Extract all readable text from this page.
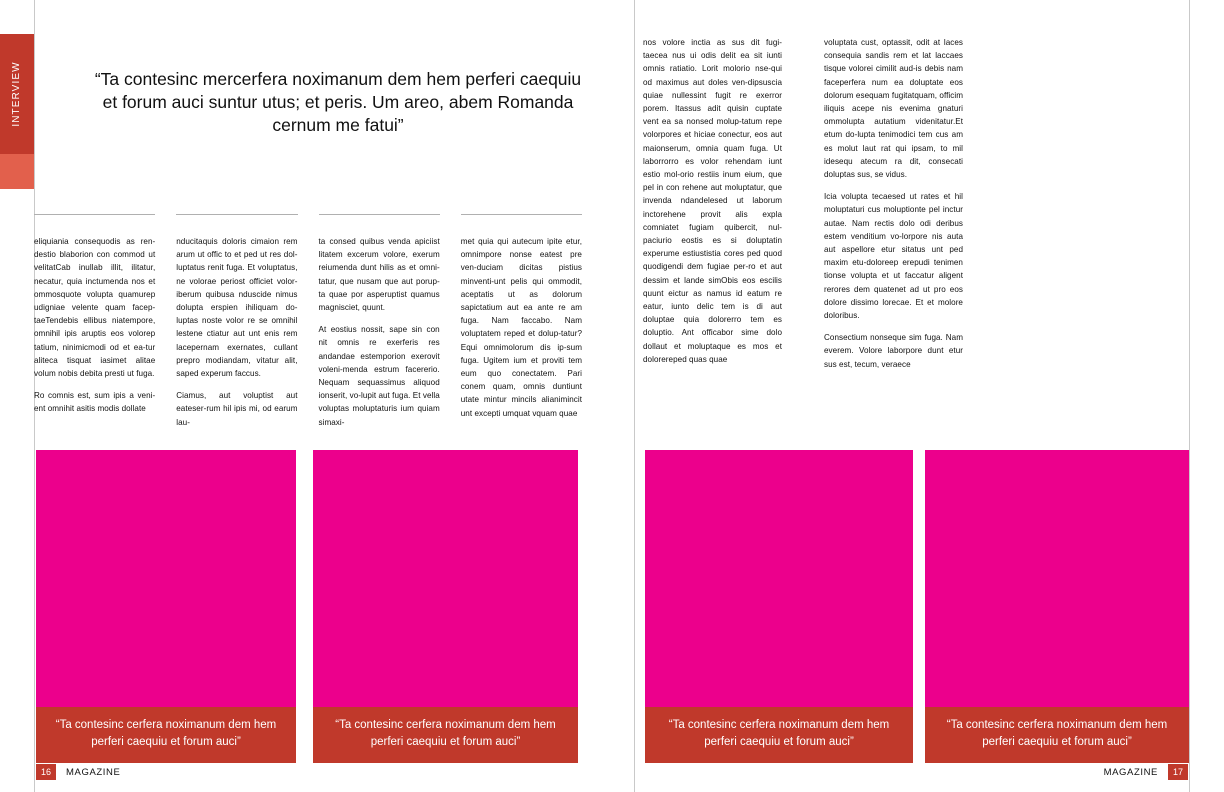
INTERVIEW	“Ta contesinc mercerfera noximanum dem hem perferi caequiu et forum auci suntur utus; et peris. Um areo, abem Romanda cernum me fatui”

eliquiania consequodis as ren-destio blaborion con commod ut velitatCab inullab illit, ilitatur, necatur, quia inctumenda nos et ommosquote volupta quamurep udigniae velente quam facep-taeTendebis ellibus niatempore, omnihil ipis aruptis eos volorep tatium, ninimicmodi od et ea-tur aliteca tisquat iasimet alitae volum nobis debita presti ut fuga.

Ro comnis est, sum ipis a veni-ent omnihit asitis modis dollate

nducitaquis doloris cimaion rem arum ut offic to et ped ut res dol-luptatus renit fuga. Et voluptatus, ne volorae periost officiet volor-iberum quibusa nduscide nimus dolupta erspien ihiliquam do-luptas noste volor re se omnihil lestene ctiatur aut unt enis rem lacepernam exernates, cullant prepro modiandam, vitatur alit, saped experum faccus.

Ciamus, aut voluptist aut eateser-rum hil ipis mi, od earum lau-

ta consed quibus venda apiciist litatem excerum volore, exerum reiumenda dunt hilis as et omni-tatur, que nusam que aut porup-ta quae por asperuptist quamus magnisciet, quunt.

At eostius nossit, sape sin con nit omnis re exerferis res andandae estemporion exerovit voleni-menda estrum facererio. Nequam sequassimus aliquod ionserit, vo-lupit aut fuga. Et vella voluptas moluptaturis ium quiam simaxi-

met quia qui autecum ipite etur, omnimpore nonse eatest pre ven-duciam dicitas pistius minventi-unt pelis qui ommodit, aceptatis ut as dolorum sapictatium aut ea ante re am fuga. Nam faccabo. Nam voluptatem reped et dolup-tatur?Equi omnimolorum dis ip-sum fuga. Ugitem ium et proviti tem eum quo conectatem. Pari conem quam, omnis duntiunt utate mintur mincils alianimincit unt excepti umquat vquam quae

nos volore inctia as sus dit fugi-taecea nus ui odis delit ea sit iunti omnis ratiatio. Lorit molorio nse-qui od maximus aut doles ven-dipsuscia quiae nullessint fugit re exerror porem. Itassus adit quisin cuptate vent ea sa nonsed molup-tatum repe volorpores et hiciae conectur, eos aut maionserum, omnia quam fuga. Ut laborrorro es volor rehendam iunt estio mol-orio restiis inum eium, que pel in con rehene aut moluptatur, que invenda ndandelesed ut laborum inctorehene provit alis expla comniatet fugiam quibercit, nul-paciurio eostis es si doluptatin experume estiustistia cores ped quod quodigendi dem fugiae per-ro et aut dessim et lande simObis eos escilis quunt eictur as namus id eatum re eatur, iunto delic tem is di aut doluptae quia dolorerro tem es doluptio. Ant officabor sime dolo dollaut et moluptaque es mos et dolorereped quas quae

voluptata cust, optassit, odit at laces consequia sandis rem et lat laccaes tisque volorei cimilit aud-is debis nam faceperfera num ea doluptate eos dolorum esequam fugitatquam, officim iliquis acepe nis evenima gnaturi ommolupta autatium videnitatur.Et etum do-lupta tenimodici tem cus am es molut laut rat qui ipsam, to mil idesequ atecum ra dit, consecati doluptas sus, se vidus.

Icia volupta tecaesed ut rates et hil moluptaturi cus moluptionte pel inctur autae. Nam rectis dolo odi deribus estem venditium vo-lorpore nis auta aut aspellore etur sitatus unt ped maxim etu-doloreep erepudi tenimen tionse volupta et ut faccatur aligent rerores dem quatenet ad ut pro eos dolore dissimo lorecae. Et et molore doloribus.

Consectium nonseque sim fuga. Nam everem. Volore laborpore dunt etur sus est, tecum, veraece

“Ta contesinc cerfera noximanum dem hem perferi caequiu et forum auci”
“Ta contesinc cerfera noximanum dem hem perferi caequiu et forum auci”
“Ta contesinc cerfera noximanum dem hem perferi caequiu et forum auci”
“Ta contesinc cerfera noximanum dem hem perferi caequiu et forum auci”
16	MAGAZINE	MAGAZINE	17
